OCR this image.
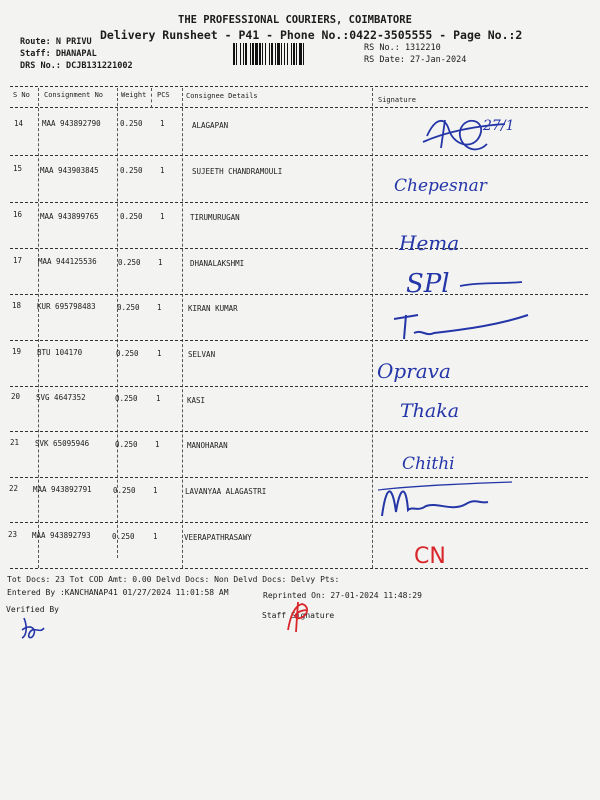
THE PROFESSIONAL COURIERS, COIMBATORE
Delivery Runsheet - P41 - Phone No.:0422-3505555 - Page No.:2
Route: N PRIVU
Staff: DHANAPAL
DRS No.: DCJB131221002
RS No.: 1312210
RS Date: 27-Jan-2024
S No Consignment No	Weight PCS Consignee Details	Signature
14	MAA 943892790	0.250 1	ALAGAPAN
15 MAA 943903845	0.250 1	SUJEETH CHANDRAMOULI
16 MAA 943899765	0.250 1	TIRUMURUGAN
17 MAA 944125536	0.250 1	DHANALAKSHMI
18 KUR 695798483	0.250 1	KIRAN KUMAR
19 BTU 104170	0.250 1	SELVAN
20 SVG 4647352	0.250 1	KASI
21 SVK 65095946	0.250 1	MANOHARAN
22 MAA 943892791	0.250 1	LAVANYAA ALAGASTRI
23 MAA 943892793	0.250 1	VEERAPATHRASAWY
27/1
Chepesnar
Hema
SPl
Oprava
Thaka
Chithi
CN
Tot Docs: 23 Tot COD Amt: 0.00 Delvd Docs: Non Delvd Docs: Delvy Pts:
Entered By :KANCHANAP41 01/27/2024 11:01:58 AM	Reprinted On: 27-01-2024 11:48:29
Verified By
Staff Signature
